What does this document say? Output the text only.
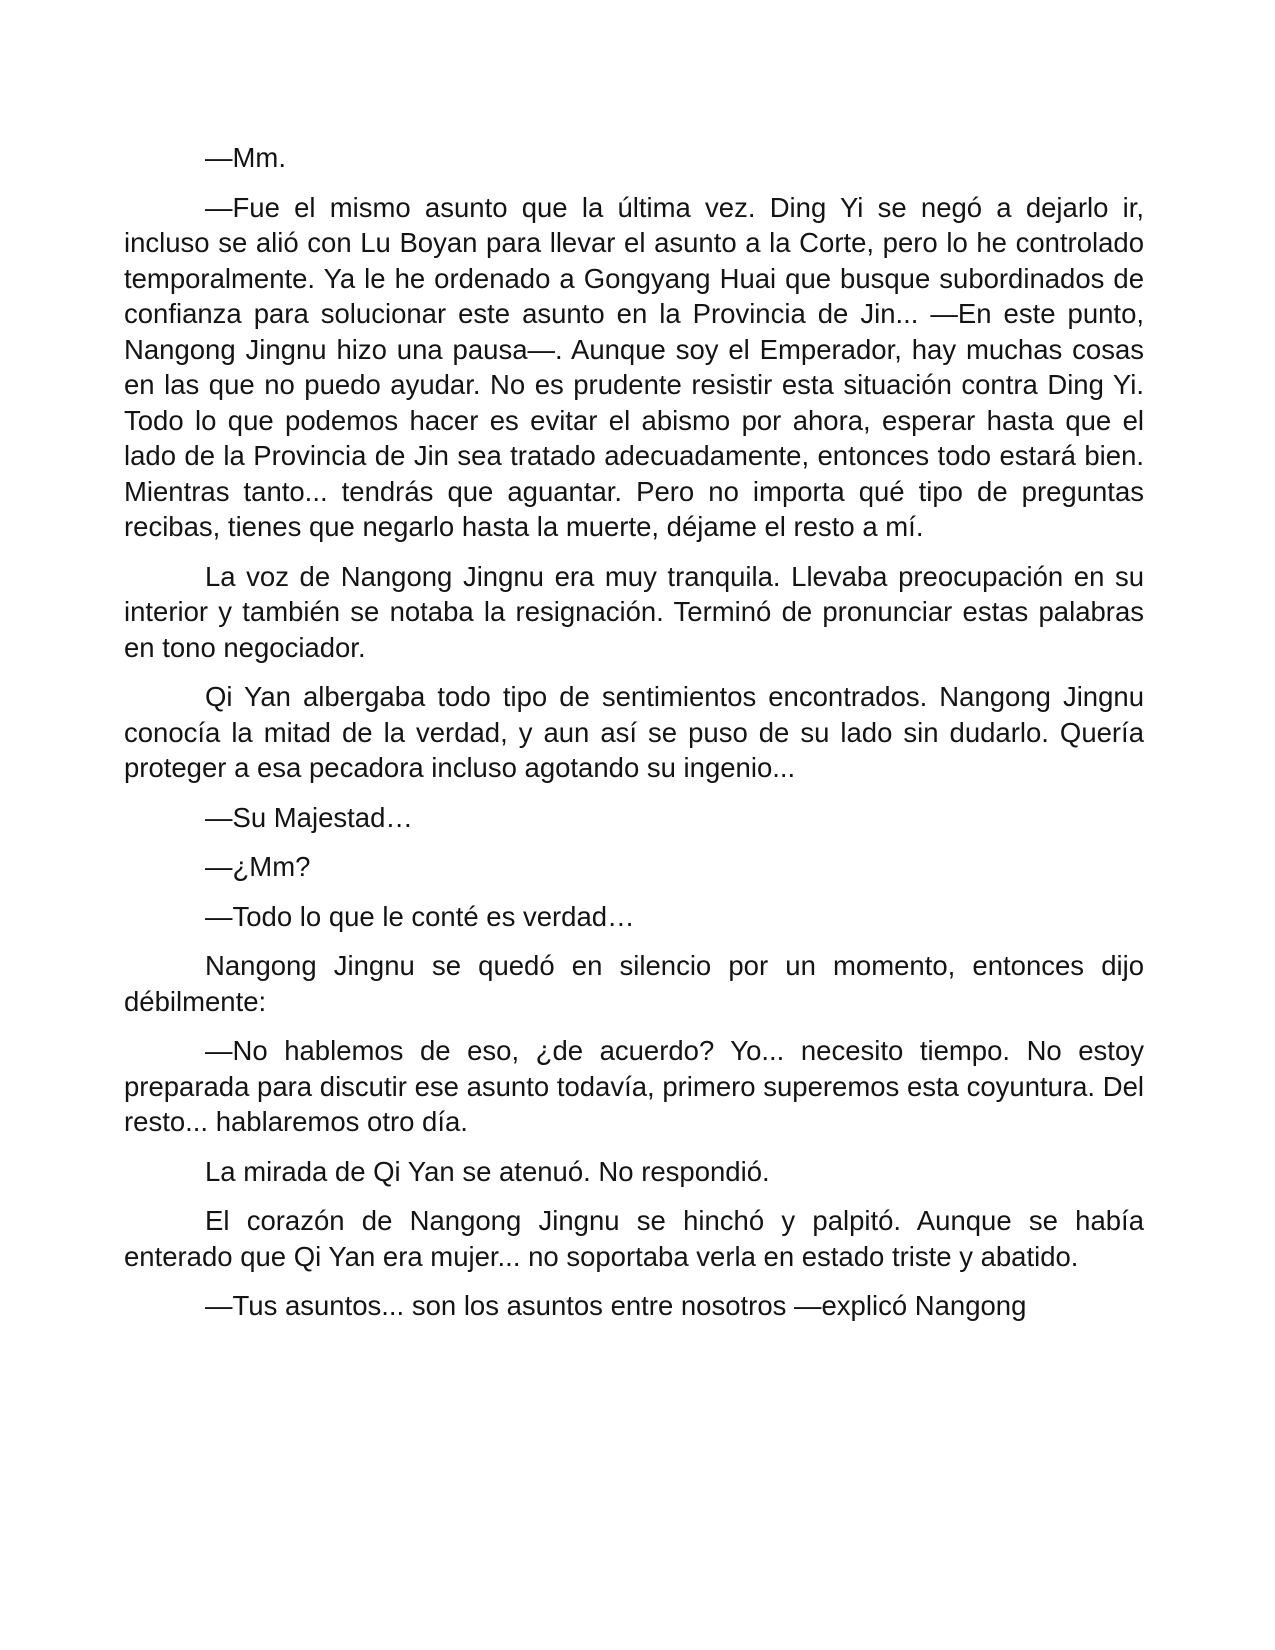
—Mm.

—Fue el mismo asunto que la última vez. Ding Yi se negó a dejarlo ir, incluso se alió con Lu Boyan para llevar el asunto a la Corte, pero lo he controlado temporalmente. Ya le he ordenado a Gongyang Huai que busque subordinados de confianza para solucionar este asunto en la Provincia de Jin... —En este punto, Nangong Jingnu hizo una pausa—. Aunque soy el Emperador, hay muchas cosas en las que no puedo ayudar. No es prudente resistir esta situación contra Ding Yi. Todo lo que podemos hacer es evitar el abismo por ahora, esperar hasta que el lado de la Provincia de Jin sea tratado adecuadamente, entonces todo estará bien. Mientras tanto... tendrás que aguantar. Pero no importa qué tipo de preguntas recibas, tienes que negarlo hasta la muerte, déjame el resto a mí.

La voz de Nangong Jingnu era muy tranquila. Llevaba preocupación en su interior y también se notaba la resignación. Terminó de pronunciar estas palabras en tono negociador.

Qi Yan albergaba todo tipo de sentimientos encontrados. Nangong Jingnu conocía la mitad de la verdad, y aun así se puso de su lado sin dudarlo. Quería proteger a esa pecadora incluso agotando su ingenio...

—Su Majestad…

—¿Mm?

—Todo lo que le conté es verdad…

Nangong Jingnu se quedó en silencio por un momento, entonces dijo débilmente:

—No hablemos de eso, ¿de acuerdo? Yo... necesito tiempo. No estoy preparada para discutir ese asunto todavía, primero superemos esta coyuntura. Del resto... hablaremos otro día.

La mirada de Qi Yan se atenuó. No respondió.

El corazón de Nangong Jingnu se hinchó y palpitó. Aunque se había enterado que Qi Yan era mujer... no soportaba verla en estado triste y abatido.

—Tus asuntos... son los asuntos entre nosotros —explicó Nangong
